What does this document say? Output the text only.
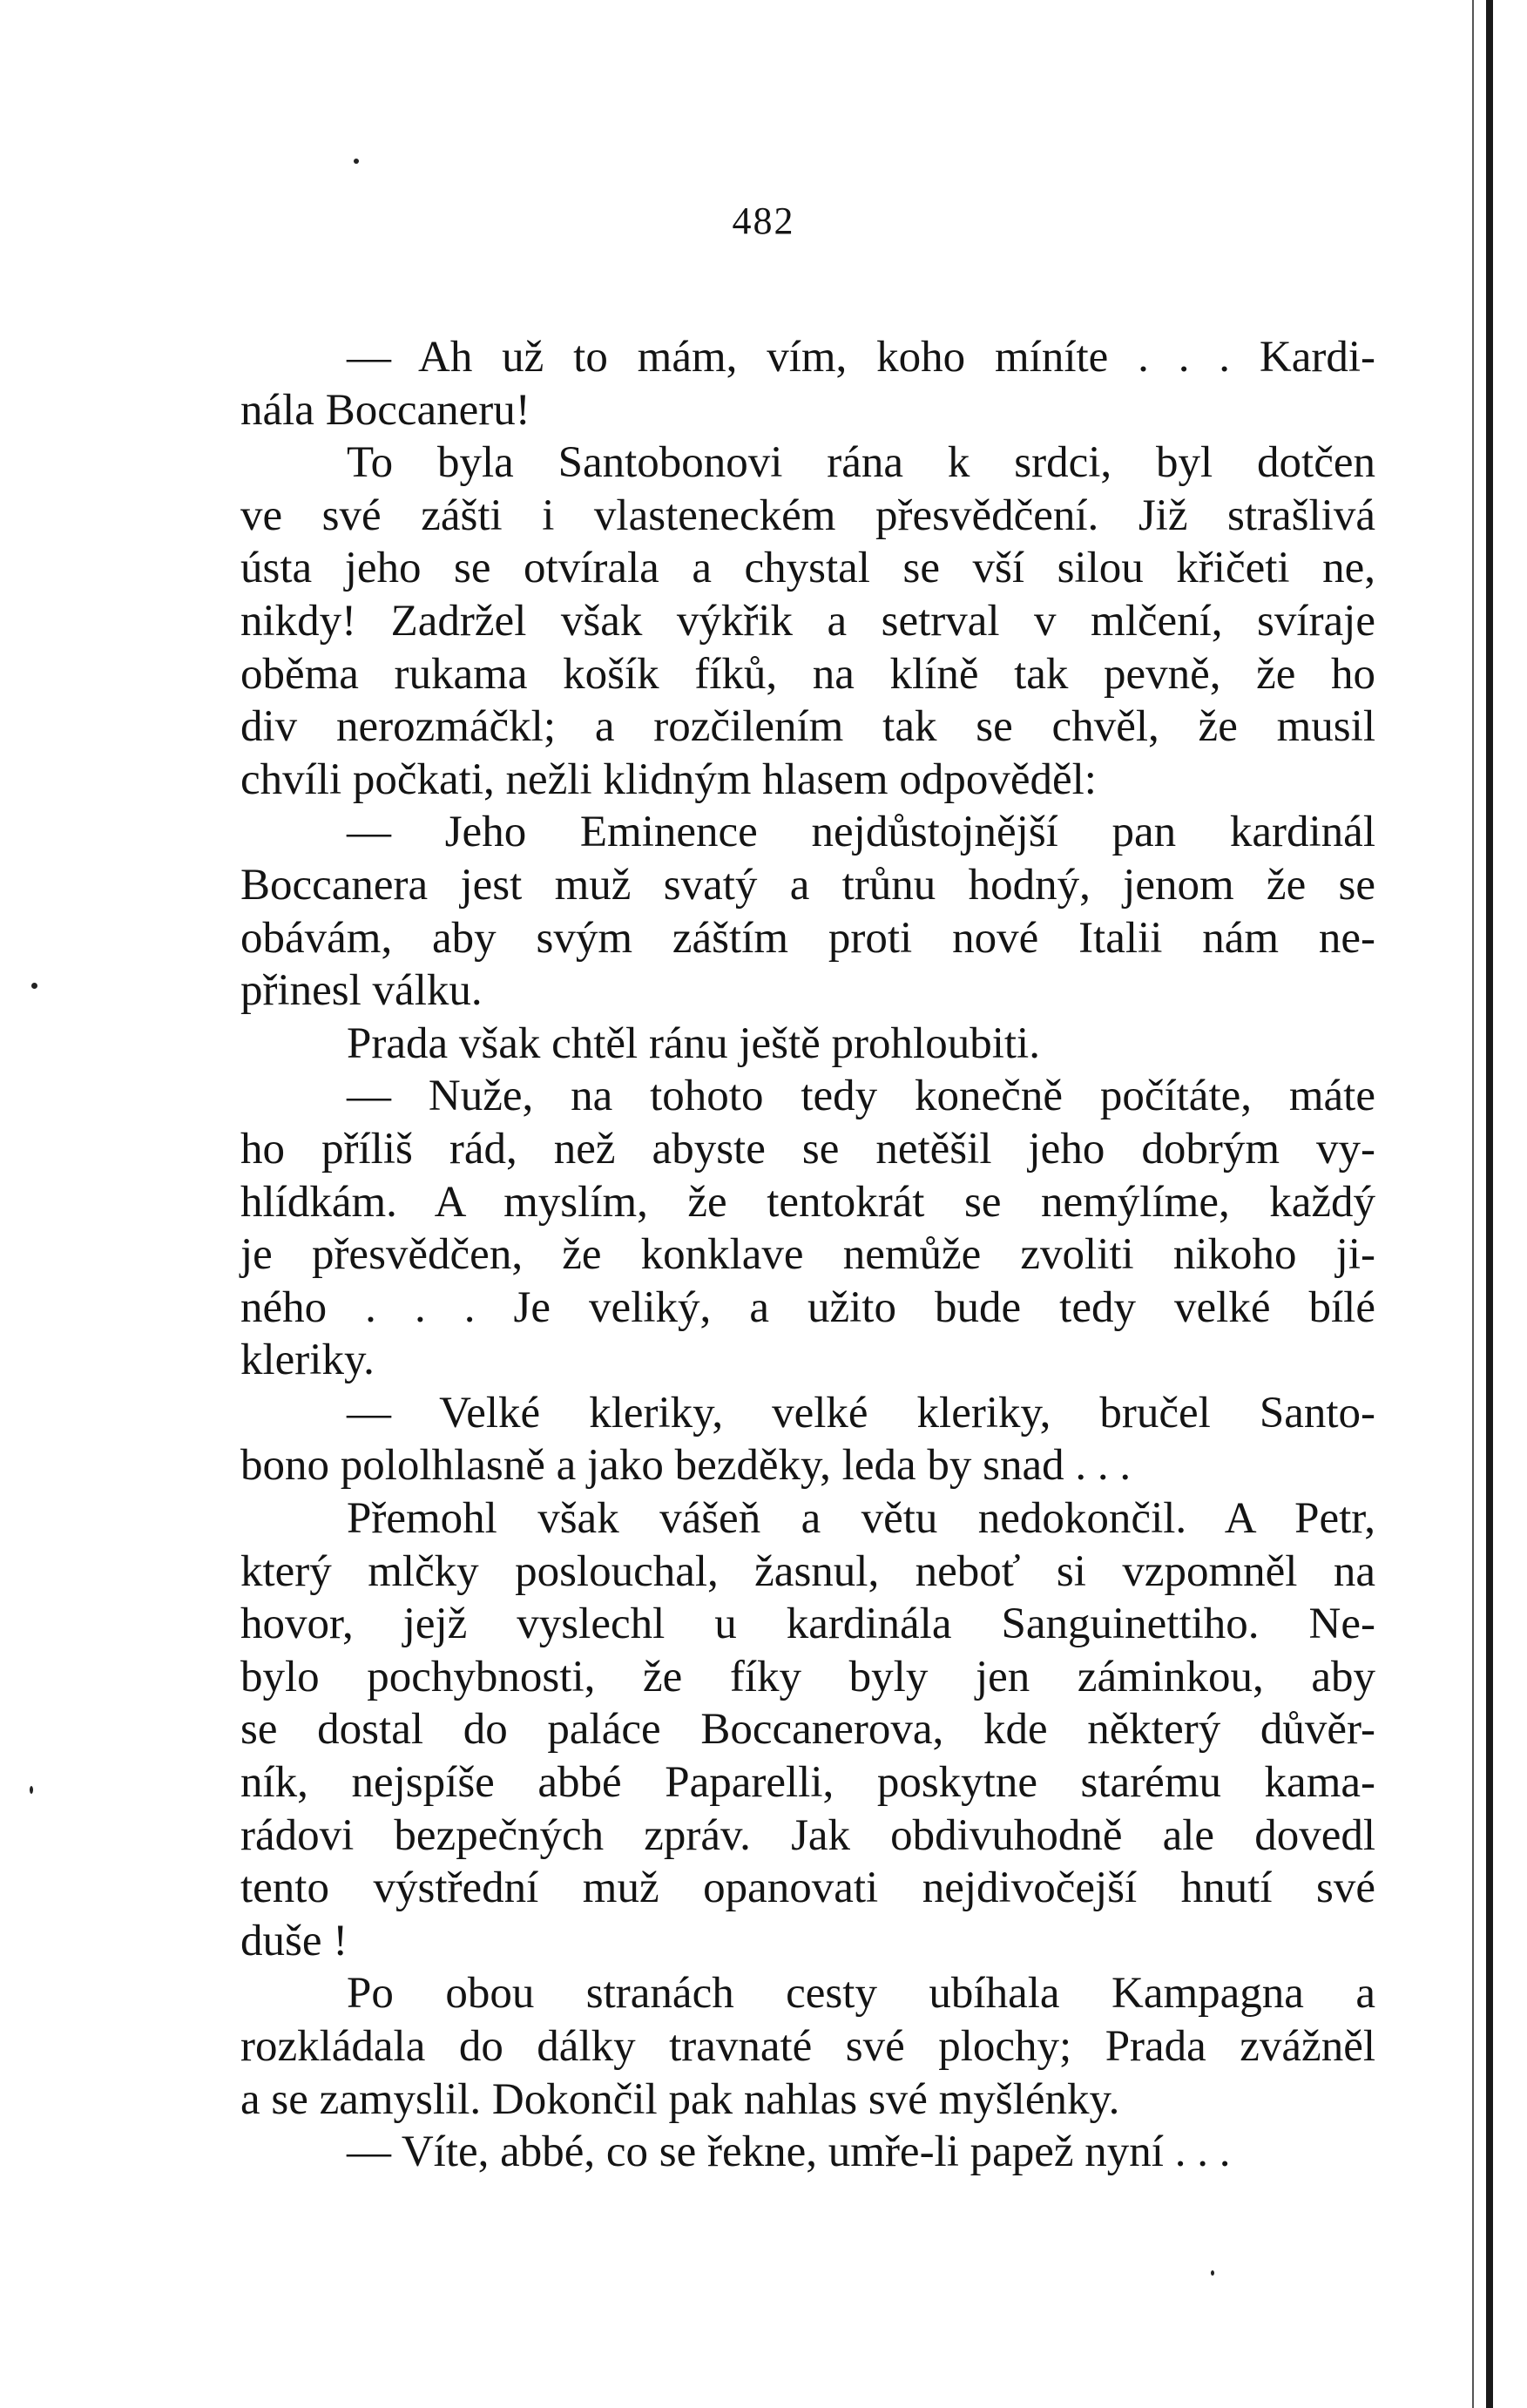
482
— Ah už to mám, vím, koho míníte . . . Kardi-
nála Boccaneru!
To byla Santobonovi rána k srdci, byl dotčen
ve své zášti i vlasteneckém přesvědčení. Již strašlivá
ústa jeho se otvírala a chystal se vší silou křičeti ne,
nikdy! Zadržel však výkřik a setrval v mlčení, svíraje
oběma rukama košík fíků, na klíně tak pevně, že ho
div nerozmáčkl; a rozčilením tak se chvěl, že musil
chvíli počkati, nežli klidným hlasem odpověděl:
— Jeho Eminence nejdůstojnější pan kardinál
Boccanera jest muž svatý a trůnu hodný, jenom že se
obávám, aby svým záštím proti nové Italii nám ne-
přinesl válku.
Prada však chtěl ránu ještě prohloubiti.
— Nuže, na tohoto tedy konečně počítáte, máte
ho příliš rád, než abyste se netěšil jeho dobrým vy-
hlídkám. A myslím, že tentokrát se nemýlíme, každý
je přesvědčen, že konklave nemůže zvoliti nikoho ji-
ného . . . Je veliký, a užito bude tedy velké bílé
kleriky.
— Velké kleriky, velké kleriky, bručel Santo-
bono pololhlasně a jako bezděky, leda by snad . . .
Přemohl však vášeň a větu nedokončil. A Petr,
který mlčky poslouchal, žasnul, neboť si vzpomněl na
hovor, jejž vyslechl u kardinála Sanguinettiho. Ne-
bylo pochybnosti, že fíky byly jen záminkou, aby
se dostal do paláce Boccanerova, kde některý důvěr-
ník, nejspíše abbé Paparelli, poskytne starému kama-
rádovi bezpečných zpráv. Jak obdivuhodně ale dovedl
tento výstřední muž opanovati nejdivočejší hnutí své
duše !
Po obou stranách cesty ubíhala Kampagna a
rozkládala do dálky travnaté své plochy; Prada zvážněl
a se zamyslil. Dokončil pak nahlas své myšlénky.
— Víte, abbé, co se řekne, umře-li papež nyní . . .
